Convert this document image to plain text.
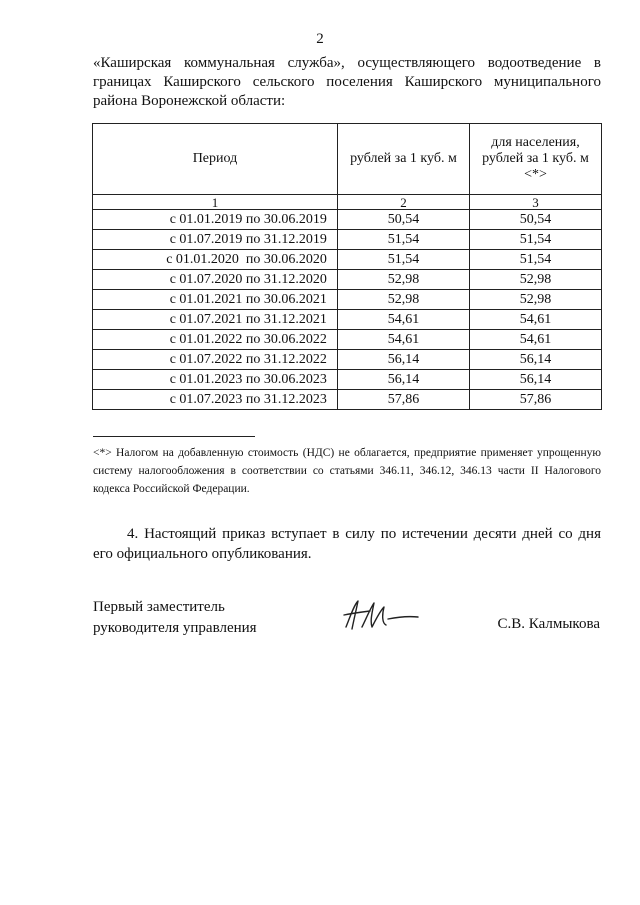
2
«Каширская коммунальная служба», осуществляющего водоотведение в границах Каширского сельского поселения Каширского муниципального района Воронежской области:
Период	рублей за 1 куб. м	для населения, рублей за 1 куб. м <*>
1	2	3
с 01.01.2019 по 30.06.2019	50,54	50,54
с 01.07.2019 по 31.12.2019	51,54	51,54
с 01.01.2020  по 30.06.2020	51,54	51,54
с 01.07.2020 по 31.12.2020	52,98	52,98
с 01.01.2021 по 30.06.2021	52,98	52,98
с 01.07.2021 по 31.12.2021	54,61	54,61
с 01.01.2022 по 30.06.2022	54,61	54,61
с 01.07.2022 по 31.12.2022	56,14	56,14
с 01.01.2023 по 30.06.2023	56,14	56,14
с 01.07.2023 по 31.12.2023	57,86	57,86
<*> Налогом на добавленную стоимость (НДС) не облагается, предприятие применяет упрощенную систему налогообложения в соответствии со статьями 346.11, 346.12, 346.13 части II Налогового кодекса Российской Федерации.
4. Настоящий приказ вступает в силу по истечении десяти дней со дня его официального опубликования.
Первый заместитель
руководителя управления	С.В. Калмыкова
